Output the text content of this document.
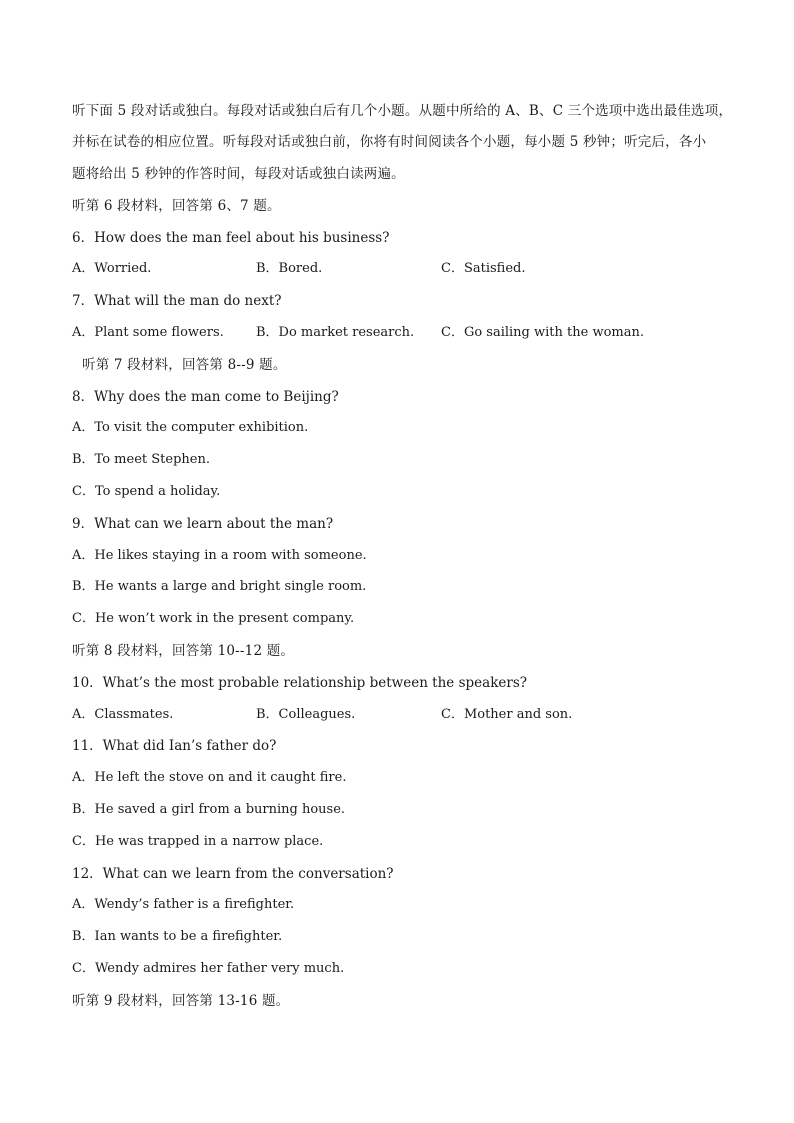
听下面 5 段对话或独白。每段对话或独白后有几个小题。从题中所给的 A、B、C 三个选项中选出最佳选项，
并标在试卷的相应位置。听每段对话或独白前，你将有时间阅读各个小题，每小题 5 秒钟；听完后，各小
题将给出 5 秒钟的作答时间，每段对话或独白读两遍。
听第 6 段材料，回答第 6、7 题。
6．How does the man feel about his business?
A．Worried.	B．Bored.	C．Satisfied.
7．What will the man do next?
A．Plant some flowers. B．Do market research. C．Go sailing with the woman.
听第 7 段材料，回答第 8--9 题。
8．Why does the man come to Beijing?
A．To visit the computer exhibition.
B．To meet Stephen.
C．To spend a holiday.
9．What can we learn about the man?
A．He likes staying in a room with someone.
B．He wants a large and bright single room.
C．He won’t work in the present company.
听第 8 段材料，回答第 10--12 题。
10．What’s the most probable relationship between the speakers?
A．Classmates.	B．Colleagues.	C．Mother and son.
11．What did Ian’s father do?
A．He left the stove on and it caught fire.
B．He saved a girl from a burning house.
C．He was trapped in a narrow place.
12．What can we learn from the conversation?
A．Wendy’s father is a firefighter.
B．Ian wants to be a firefighter.
C．Wendy admires her father very much.
听第 9 段材料，回答第 13-16 题。
